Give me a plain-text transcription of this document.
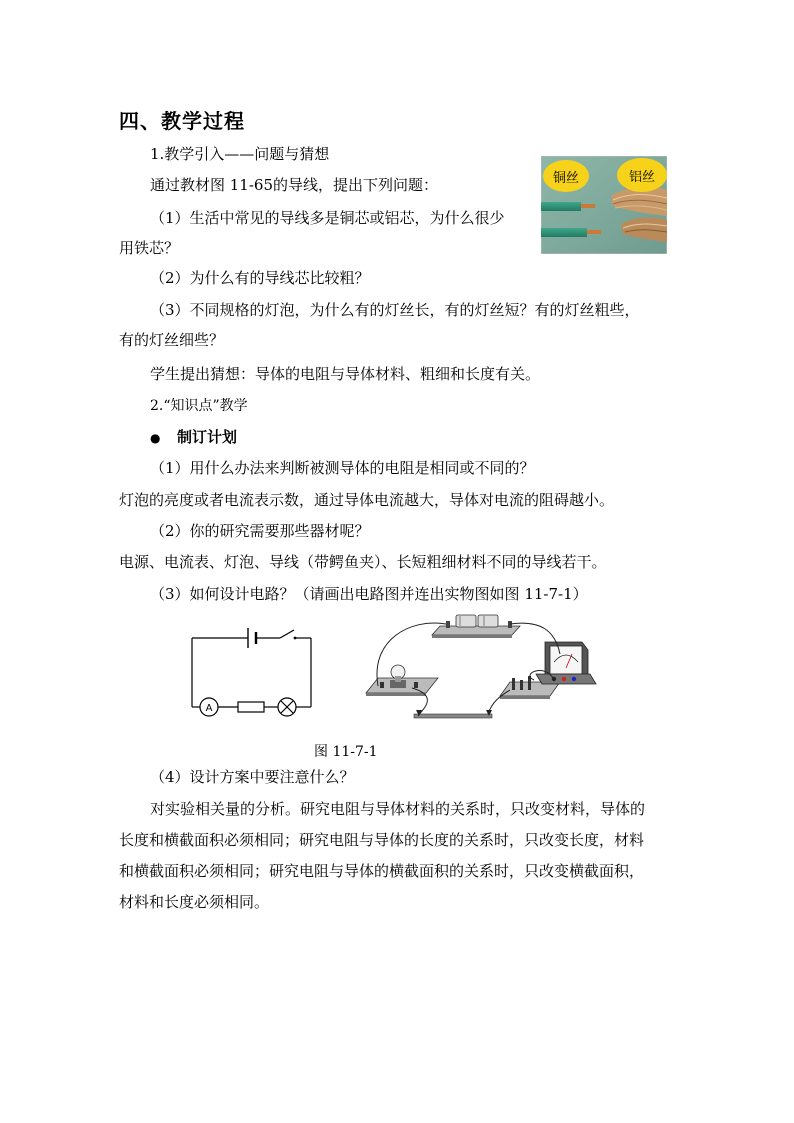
四、教学过程
1.教学引入——问题与猜想
通过教材图 11-65的导线，提出下列问题：
（1）生活中常见的导线多是铜芯或铝芯，为什么很少
用铁芯？
（2）为什么有的导线芯比较粗？
（3）不同规格的灯泡，为什么有的灯丝长，有的灯丝短？有的灯丝粗些，
有的灯丝细些？
学生提出猜想：导体的电阻与导体材料、粗细和长度有关。
2.“知识点”教学
● 制订计划
（1）用什么办法来判断被测导体的电阻是相同或不同的？
灯泡的亮度或者电流表示数，通过导体电流越大，导体对电流的阻碍越小。
（2）你的研究需要那些器材呢？
电源、电流表、灯泡、导线（带鳄鱼夹）、长短粗细材料不同的导线若干。
（3）如何设计电路？（请画出电路图并连出实物图如图 11-7-1）
铜丝	铝丝
A
图 11-7-1
（4）设计方案中要注意什么？
对实验相关量的分析。研究电阻与导体材料的关系时，只改变材料，导体的
长度和横截面积必须相同；研究电阻与导体的长度的关系时，只改变长度，材料
和横截面积必须相同；研究电阻与导体的横截面积的关系时，只改变横截面积，
材料和长度必须相同。
